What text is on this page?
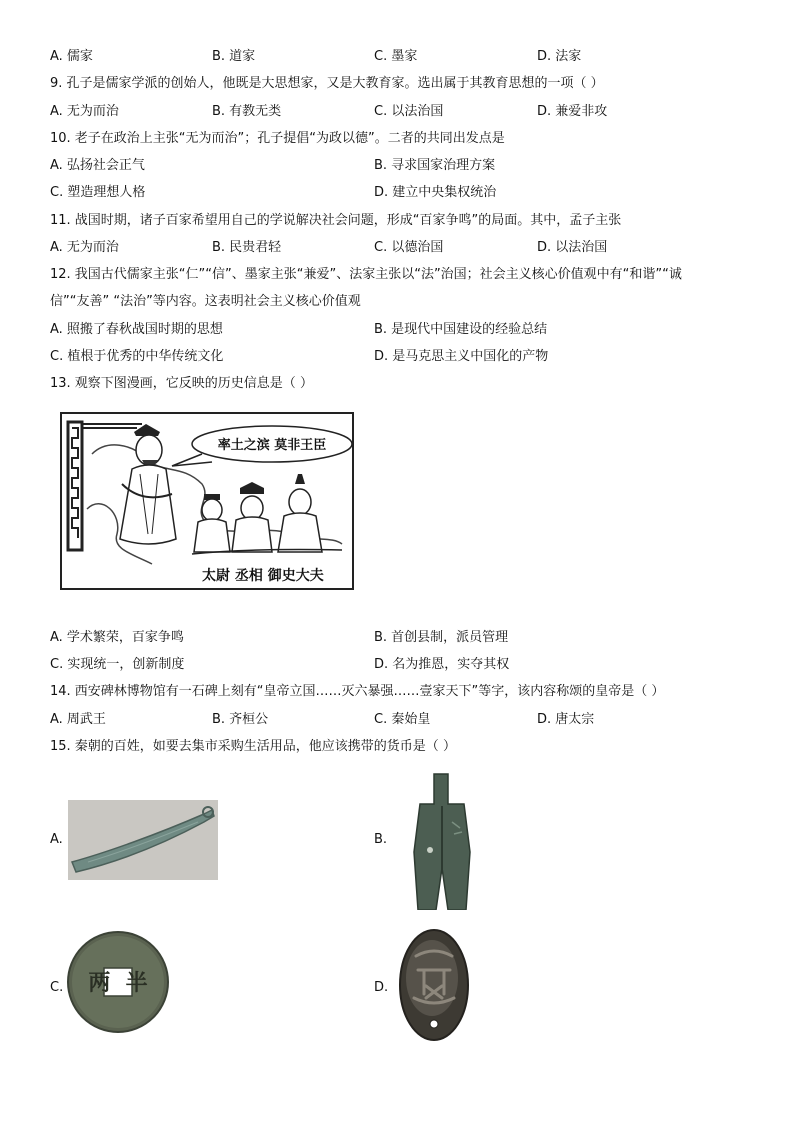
A. 儒家	B. 道家	C. 墨家	D. 法家
9. 孔子是儒家学派的创始人，他既是大思想家，又是大教育家。选出属于其教育思想的一项（ ）
A. 无为而治	B. 有教无类	C. 以法治国	D. 兼爱非攻
10. 老子在政治上主张“无为而治”；孔子提倡“为政以德”。二者的共同出发点是
A. 弘扬社会正气	B. 寻求国家治理方案
C. 塑造理想人格	D. 建立中央集权统治
11. 战国时期，诸子百家希望用自己的学说解决社会问题，形成“百家争鸣”的局面。其中，孟子主张
A. 无为而治	B. 民贵君轻	C. 以德治国	D. 以法治国
12. 我国古代儒家主张“仁”“信”、墨家主张“兼爱”、法家主张以“法”治国；社会主义核心价值观中有“和谐”“诚
信”“友善” “法治”等内容。这表明社会主义核心价值观
A. 照搬了春秋战国时期的思想	B. 是现代中国建设的经验总结
C. 植根于优秀的中华传统文化	D. 是马克思主义中国化的产物
13. 观察下图漫画，它反映的历史信息是（ ）
率土之滨 莫非王臣
太尉 丞相 御史大夫
A. 学术繁荣，百家争鸣	B. 首创县制，派员管理
C. 实现统一，创新制度	D. 名为推恩，实夺其权
14. 西安碑林博物馆有一石碑上刻有“皇帝立国……灭六暴强……壹家天下”等字，该内容称颂的皇帝是（ ）
A. 周武王	B. 齐桓公	C. 秦始皇	D. 唐太宗
15. 秦朝的百姓，如要去集市采购生活用品，他应该携带的货币是（ ）
A.	B.
C. 两  半	D.
